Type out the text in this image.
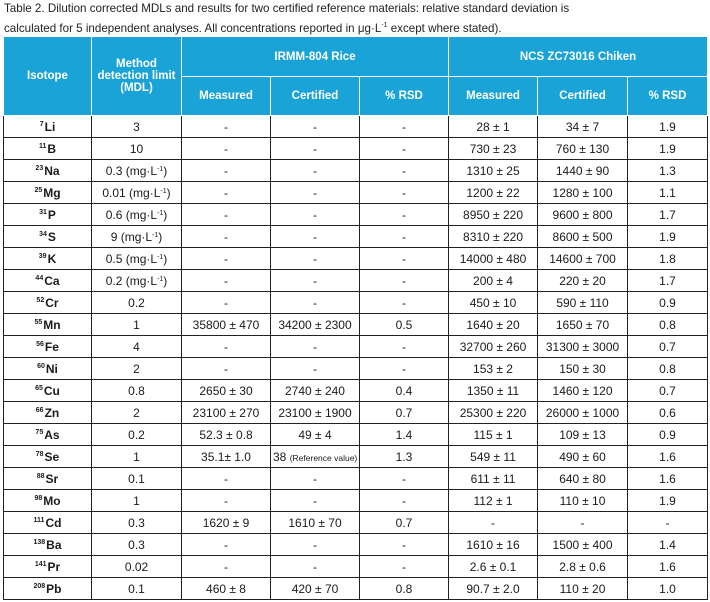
Table 2. Dilution corrected MDLs and results for two certified reference materials: relative standard deviation is
calculated for 5 independent analyses. All concentrations reported in $\mu g\cdot L^{-1}$ except where stated).
Isotope	Method detection limit (MDL)	IRMM-804 Rice			NCS ZC73016 Chiken		
		Measured	Certified	% RSD	Measured	Certified	% RSD
$^7$Li	3	-	-	-	28 ± 1	34 ± 7	1.9
$^{11}$B	10	-	-	-	730 ± 23	760 ± 130	1.9
$^{23}$Na	0.3 $(mg\cdot L^{-1})$	-	-	-	1310 ± 25	1440 ± 90	1.3
$^{25}$Mg	0.01 $(mg\cdot L^{-1})$	-	-	-	1200 ± 22	1280 ± 100	1.1
$^{31}$P	0.6 $(mg\cdot L^{-1})$	-	-	-	8950 ± 220	9600 ± 800	1.7
$^{34}$S	9 $(mg\cdot L^{-1})$	-	-	-	8310 ± 220	8600 ± 500	1.9
$^{39}$K	0.5 $(mg\cdot L^{-1})$	-	-	-	14000 ± 480	14600 ± 700	1.8
$^{44}$Ca	0.2 $(mg\cdot L^{-1})$	-	-	-	200 ± 4	220 ± 20	1.7
$^{52}$Cr	0.2	-	-	-	450 ± 10	590 ± 110	0.9
$^{55}$Mn	1	35800 ± 470	34200 ± 2300	0.5	1640 ± 20	1650 ± 70	0.8
$^{56}$Fe	4	-	-	-	32700 ± 260	31300 ± 3000	0.7
$^{60}$Ni	2	-	-	-	153 ± 2	150 ± 30	0.8
$^{65}$Cu	0.8	2650 ± 30	2740 ± 240	0.4	1350 ± 11	1460 ± 120	0.7
$^{66}$Zn	2	23100 ± 270	23100 ± 1900	0.7	25300 ± 220	26000 ± 1000	0.6
$^{75}$As	0.2	52.3 ± 0.8	49 ± 4	1.4	115 ± 1	109 ± 13	0.9
$^{78}$Se	1	35.1± 1.0	38 (Reference value)	1.3	549 ± 11	490 ± 60	1.6
$^{88}$Sr	0.1	-	-	-	611 ± 11	640 ± 80	1.6
$^{98}$Mo	1	-	-	-	112 ± 1	110 ± 10	1.9
$^{111}$Cd	0.3	1620 ± 9	1610 ± 70	0.7	-	-	-
$^{138}$Ba	0.3	-	-	-	1610 ± 16	1500 ± 400	1.4
$^{141}$Pr	0.02	-	-	-	2.6 ± 0.1	2.8 ± 0.6	1.6
$^{208}$Pb	0.1	460 ± 8	420 ± 70	0.8	90.7 ± 2.0	110 ± 20	1.0
